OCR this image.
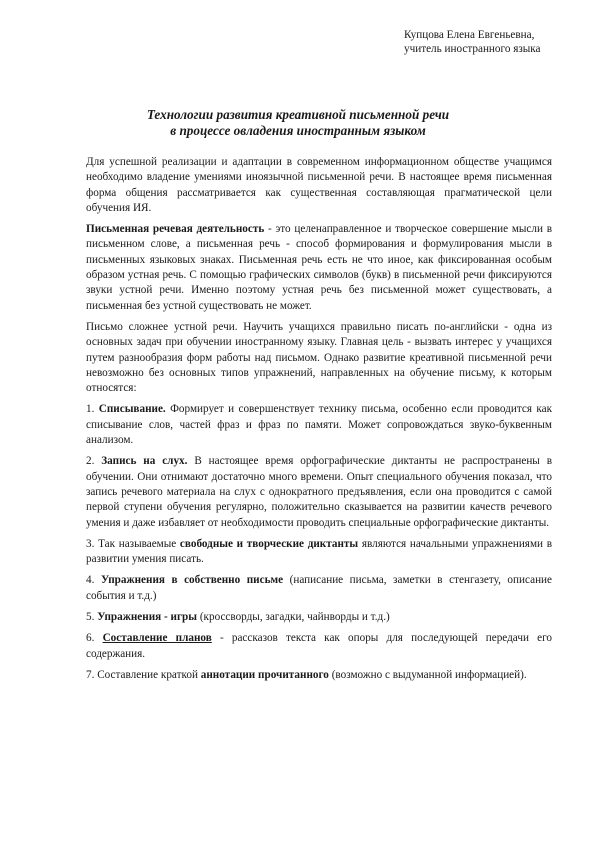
Купцова Елена Евгеньевна,
учитель иностранного языка
Технологии развития креативной письменной речи
в процессе овладения иностранным языком

Для успешной реализации и адаптации в современном информационном обществе учащимся необходимо владение умениями иноязычной письменной речи. В настоящее время письменная форма общения рассматривается как существенная составляющая прагматической цели обучения ИЯ.

Письменная речевая деятельность - это целенаправленное и творческое совершение мысли в письменном слове, а письменная речь - способ формирования и формулирования мысли в письменных языковых знаках. Письменная речь есть не что иное, как фиксированная особым образом устная речь. С помощью графических символов (букв) в письменной речи фиксируются звуки устной речи. Именно поэтому устная речь без письменной может существовать, а письменная без устной существовать не может.

Письмо сложнее устной речи. Научить учащихся правильно писать по-английски - одна из основных задач при обучении иностранному языку. Главная цель - вызвать интерес у учащихся путем разнообразия форм работы над письмом. Однако развитие креативной письменной речи невозможно без основных типов упражнений, направленных на обучение письму, к которым относятся:

1. Списывание. Формирует и совершенствует технику письма, особенно если проводится как списывание слов, частей фраз и фраз по памяти. Может сопровождаться звуко-буквенным анализом.

2. Запись на слух. В настоящее время орфографические диктанты не распространены в обучении. Они отнимают достаточно много времени. Опыт специального обучения показал, что запись речевого материала на слух с однократного предъявления, если она проводится с самой первой ступени обучения регулярно, положительно сказывается на развитии качеств речевого умения и даже избавляет от необходимости проводить специальные орфографические диктанты.

3. Так называемые свободные и творческие диктанты являются начальными упражнениями в развитии умения писать.

4. Упражнения в собственно письме (написание письма, заметки в стенгазету, описание события и т.д.)

5. Упражнения - игры (кроссворды, загадки, чайнворды и т.д.)

6. Составление планов - рассказов текста как опоры для последующей передачи его содержания.

7. Составление краткой аннотации прочитанного (возможно с выдуманной информацией).
